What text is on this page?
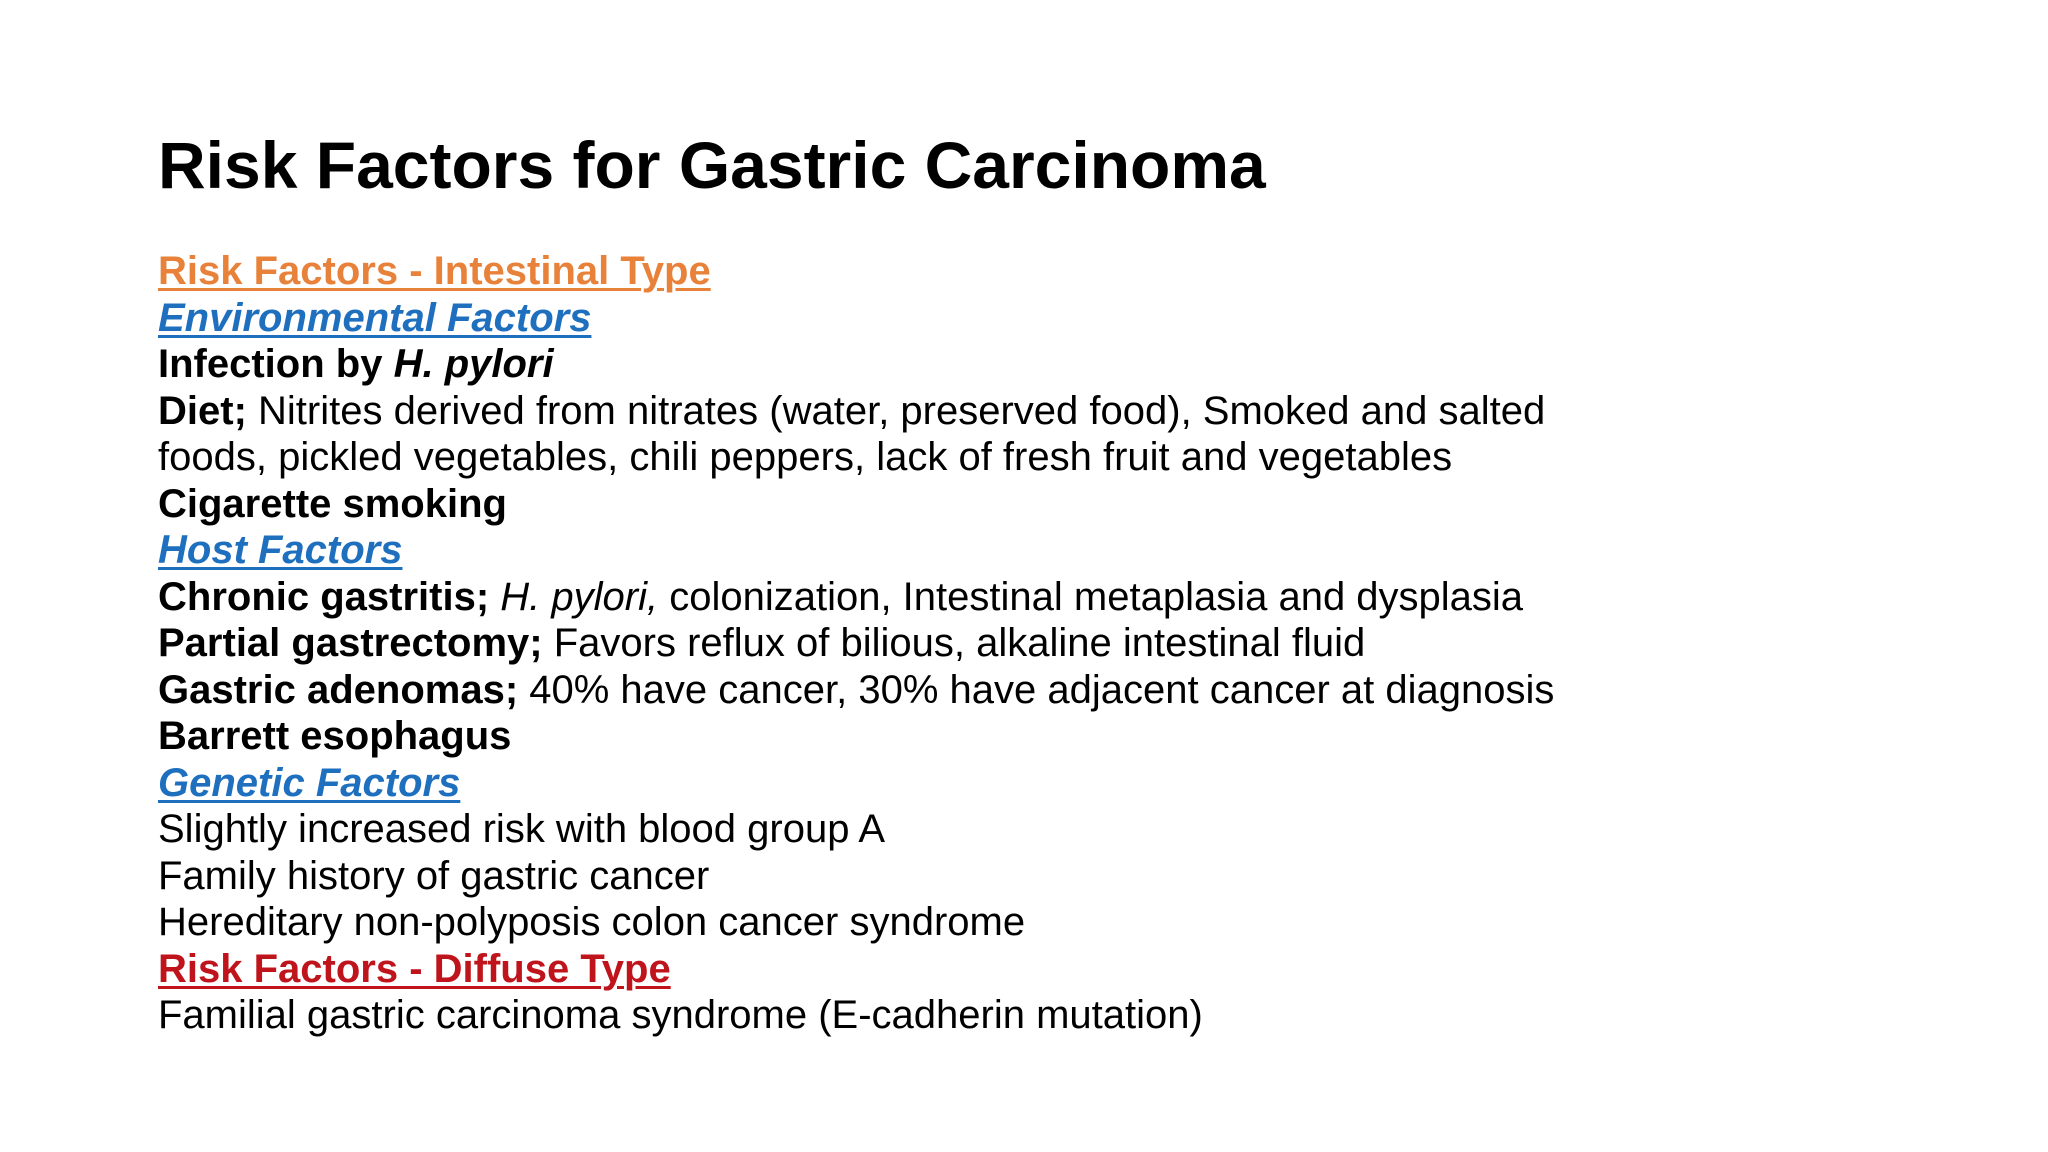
Risk Factors for Gastric Carcinoma
Risk Factors - Intestinal Type
Environmental Factors
Infection by H. pylori
Diet; Nitrites derived from nitrates (water, preserved food), Smoked and salted
foods, pickled vegetables, chili peppers, lack of fresh fruit and vegetables
Cigarette smoking
Host Factors
Chronic gastritis; H. pylori, colonization, Intestinal metaplasia and dysplasia
Partial gastrectomy; Favors reflux of bilious, alkaline intestinal fluid
Gastric adenomas; 40% have cancer, 30% have adjacent cancer at diagnosis
Barrett esophagus
Genetic Factors
Slightly increased risk with blood group A
Family history of gastric cancer
Hereditary non-polyposis colon cancer syndrome
Risk Factors - Diffuse Type
Familial gastric carcinoma syndrome (E-cadherin mutation)
